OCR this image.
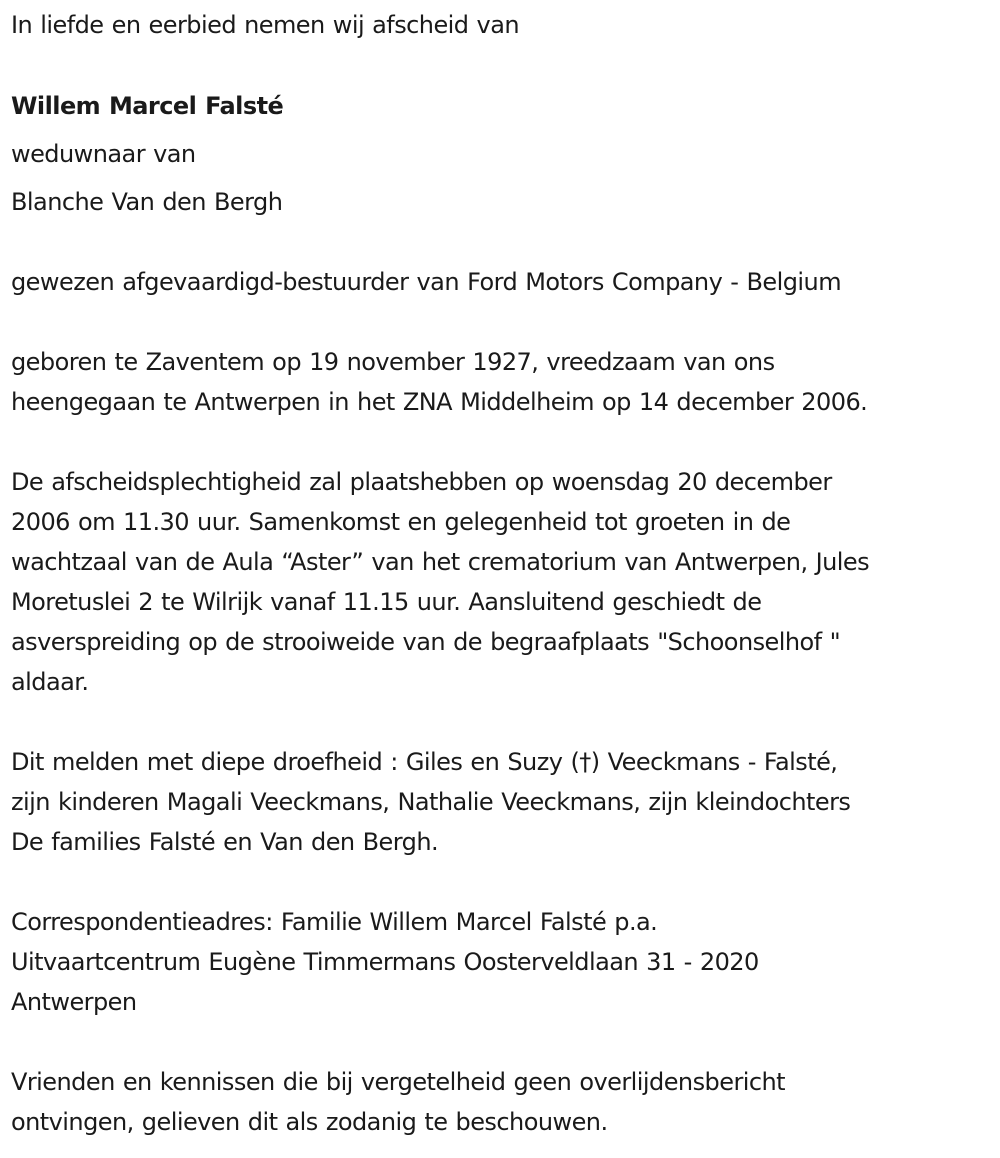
In liefde en eerbied nemen wij afscheid van
Willem Marcel Falsté
weduwnaar van
Blanche Van den Bergh
gewezen afgevaardigd-bestuurder van Ford Motors Company - Belgium
geboren te Zaventem op 19 november 1927, vreedzaam van ons
heengegaan te Antwerpen in het ZNA Middelheim op 14 december 2006.
De afscheidsplechtigheid zal plaatshebben op woensdag 20 december
2006 om 11.30 uur. Samenkomst en gelegenheid tot groeten in de
wachtzaal van de Aula “Aster” van het crematorium van Antwerpen, Jules
Moretuslei 2 te Wilrijk vanaf 11.15 uur. Aansluitend geschiedt de
asverspreiding op de strooiweide van de begraafplaats "Schoonselhof "
aldaar.
Dit melden met diepe droefheid : Giles en Suzy (†) Veeckmans - Falsté,
zijn kinderen Magali Veeckmans, Nathalie Veeckmans, zijn kleindochters
De families Falsté en Van den Bergh.
Correspondentieadres: Familie Willem Marcel Falsté p.a.
Uitvaartcentrum Eugène Timmermans Oosterveldlaan 31 - 2020
Antwerpen
Vrienden en kennissen die bij vergetelheid geen overlijdensbericht
ontvingen, gelieven dit als zodanig te beschouwen.
